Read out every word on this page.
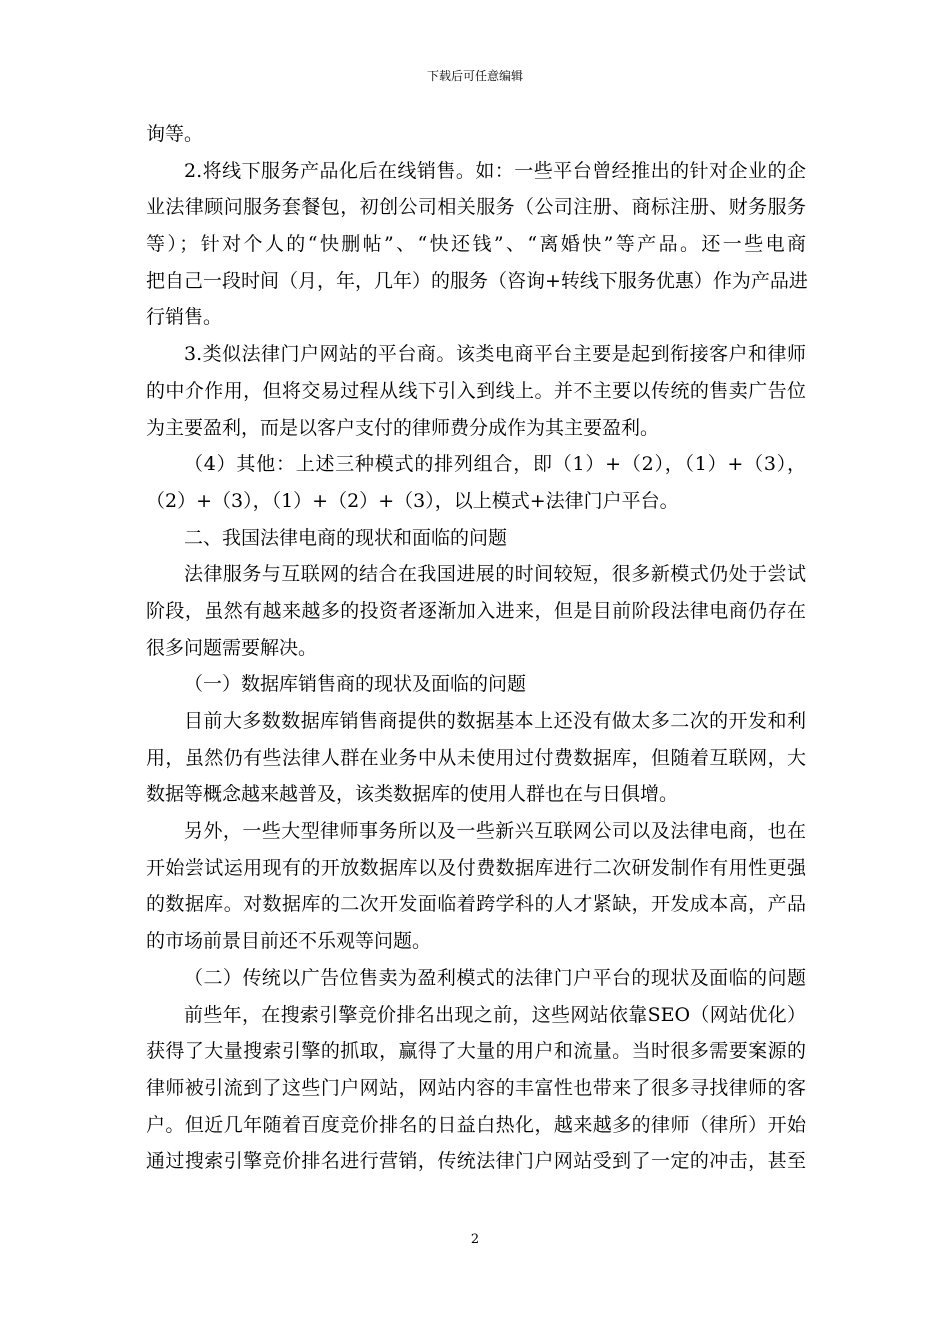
下载后可任意编辑
询等。
2.将线下服务产品化后在线销售。如：一些平台曾经推出的针对企业的企
业法律顾问服务套餐包，初创公司相关服务（公司注册、商标注册、财务服务
等）；针对个人的“快删帖”、“快还钱”、“离婚快”等产品。还一些电商
把自己一段时间（月，年，几年）的服务（咨询+转线下服务优惠）作为产品进
行销售。
3.类似法律门户网站的平台商。该类电商平台主要是起到衔接客户和律师
的中介作用，但将交易过程从线下引入到线上。并不主要以传统的售卖广告位
为主要盈利，而是以客户支付的律师费分成作为其主要盈利。
（4）其他：上述三种模式的排列组合，即（1）+（2），（1）+（3），
（2）+（3），（1）+（2）+（3），以上模式+法律门户平台。
二、我国法律电商的现状和面临的问题
法律服务与互联网的结合在我国进展的时间较短，很多新模式仍处于尝试
阶段，虽然有越来越多的投资者逐渐加入进来，但是目前阶段法律电商仍存在
很多问题需要解决。
（一）数据库销售商的现状及面临的问题
目前大多数数据库销售商提供的数据基本上还没有做太多二次的开发和利
用，虽然仍有些法律人群在业务中从未使用过付费数据库，但随着互联网，大
数据等概念越来越普及，该类数据库的使用人群也在与日俱增。
另外，一些大型律师事务所以及一些新兴互联网公司以及法律电商，也在
开始尝试运用现有的开放数据库以及付费数据库进行二次研发制作有用性更强
的数据库。对数据库的二次开发面临着跨学科的人才紧缺，开发成本高，产品
的市场前景目前还不乐观等问题。
（二）传统以广告位售卖为盈利模式的法律门户平台的现状及面临的问题
前些年，在搜索引擎竞价排名出现之前，这些网站依靠SEO（网站优化）
获得了大量搜索引擎的抓取，赢得了大量的用户和流量。当时很多需要案源的
律师被引流到了这些门户网站，网站内容的丰富性也带来了很多寻找律师的客
户。但近几年随着百度竞价排名的日益白热化，越来越多的律师（律所）开始
通过搜索引擎竞价排名进行营销，传统法律门户网站受到了一定的冲击，甚至
2
